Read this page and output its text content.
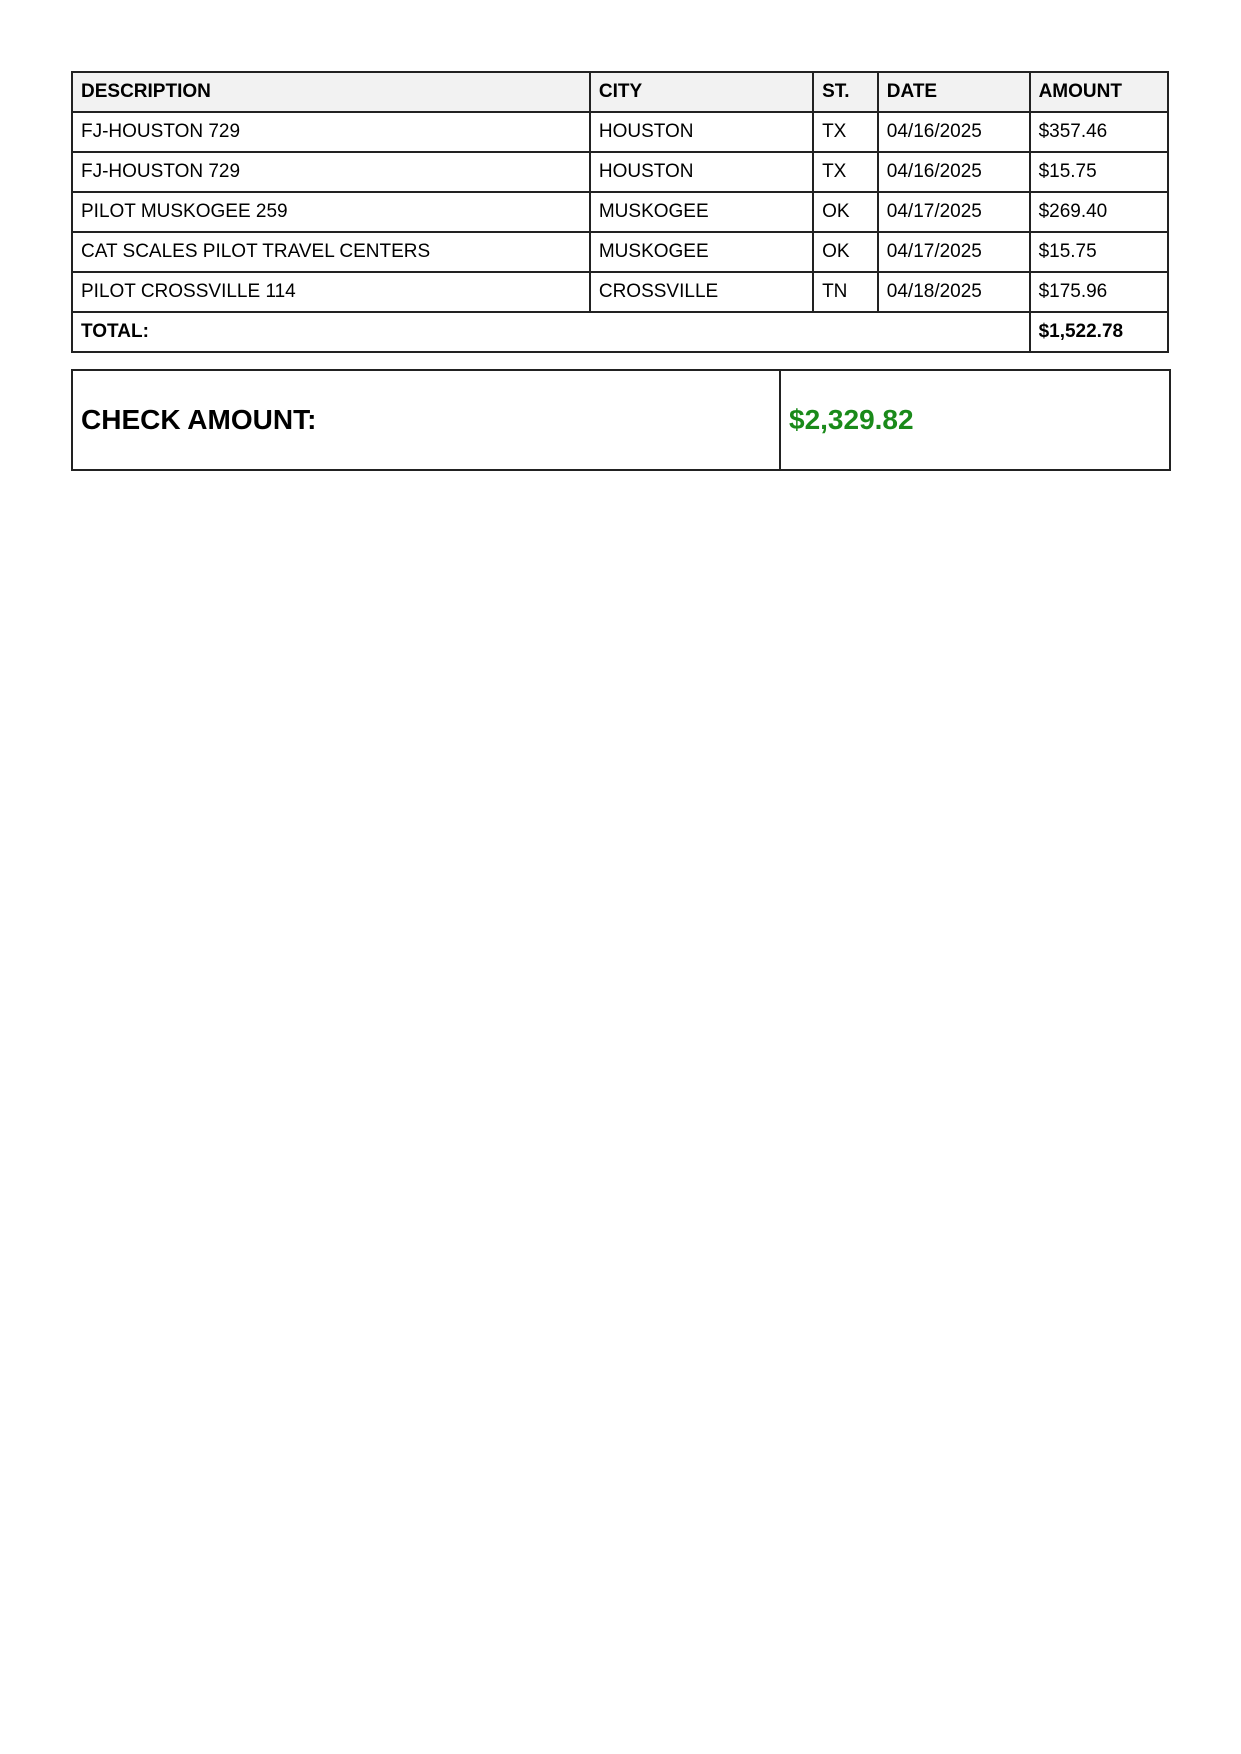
DESCRIPTION	CITY	ST.	DATE	AMOUNT
FJ-HOUSTON 729	HOUSTON	TX	04/16/2025	$357.46
FJ-HOUSTON 729	HOUSTON	TX	04/16/2025	$15.75
PILOT MUSKOGEE 259	MUSKOGEE	OK	04/17/2025	$269.40
CAT SCALES PILOT TRAVEL CENTERS	MUSKOGEE	OK	04/17/2025	$15.75
PILOT CROSSVILLE 114	CROSSVILLE	TN	04/18/2025	$175.96
TOTAL:				$1,522.78
CHECK AMOUNT:	$2,329.82
